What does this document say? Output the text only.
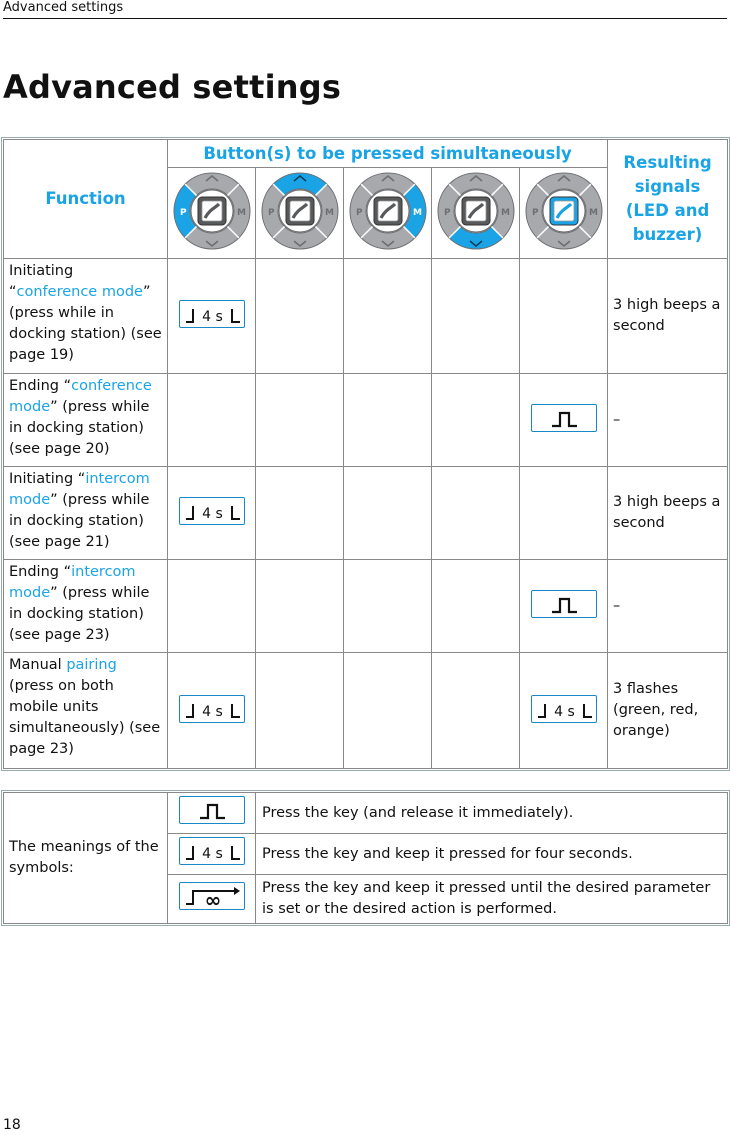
Advanced settings
Advanced settings
Function	Button(s) to be pressed simultaneously					Resulting signals (LED and buzzer)

P M	P M	P M	P M	P M	

Initiating “conference mode” (press while in docking station) (see page 19)	4 s					3 high beeps a second
Ending “conference mode” (press while in docking station) (see page 20)						–
Initiating “intercom mode” (press while in docking station) (see page 21)	4 s					3 high beeps a second
Ending “intercom mode” (press while in docking station) (see page 23)						–
Manual pairing (press on both mobile units simultaneously) (see page 23)	4 s				4 s	3 flashes (green, red, orange)
The meanings of the symbols:		Press the key (and release it immediately).

4 s	Press the key and keep it pressed for four seconds.

∞	Press the key and keep it pressed until the desired parameter is set or the desired action is performed.
18
